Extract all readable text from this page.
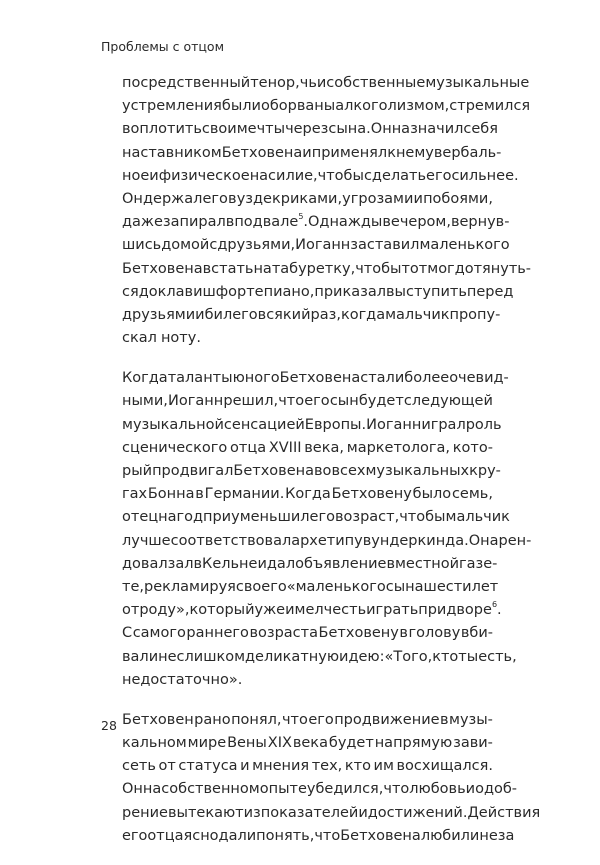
Проблемы с отцом
посредственный тенор, чьи собственные музыкальные
устремления были оборваны алкоголизмом, стремился
воплотить свои мечты через сына. Он назначил себя
наставником Бетховена и применял к нему вербаль-
ное и физическое насилие, чтобы сделать его сильнее.
Он держал его в узде криками, угрозами и побоями,
даже запирал в подвале$^5$. Однажды вечером, вернув-
шись домой с друзьями, Иоганн заставил маленького
Бетховена встать на табуретку, чтобы тот мог дотянуть-
ся до клавиш фортепиано, приказал выступить перед
друзьями и бил его всякий раз, когда мальчик пропу-
скал ноту.
Когда таланты юного Бетховена стали более очевид-
ными, Иоганн решил, что его сын будет следующей
музыкальной сенсацией Европы. Иоганн играл роль
сценического отца XVIII века, маркетолога, кото-
рый продвигал Бетховена во всех музыкальных кру-
гах Бонна в Германии. Когда Бетховену было семь,
отец на год приуменьшил его возраст, чтобы мальчик
лучше соответствовал архетипу вундеркинда. Он арен-
довал зал в Кельне и дал объявление в местной газе-
те, рекламируя своего «маленького сына шести лет
от роду», который уже имел честь играть при дворе$^6$.
С самого раннего возраста Бетховену в голову вби-
вали не слишком деликатную идею: «Того, кто ты есть,
недостаточно».
Бетховен рано понял, что его продвижение в музы-
кальном мире Вены XIX века будет напрямую зави-
сеть от статуса и мнения тех, кто им восхищался.
Он на собственном опыте убедился, что любовь и одоб-
рение вытекают из показателей и достижений. Действия
его отца ясно дали понять, что Бетховена любили не за
28
